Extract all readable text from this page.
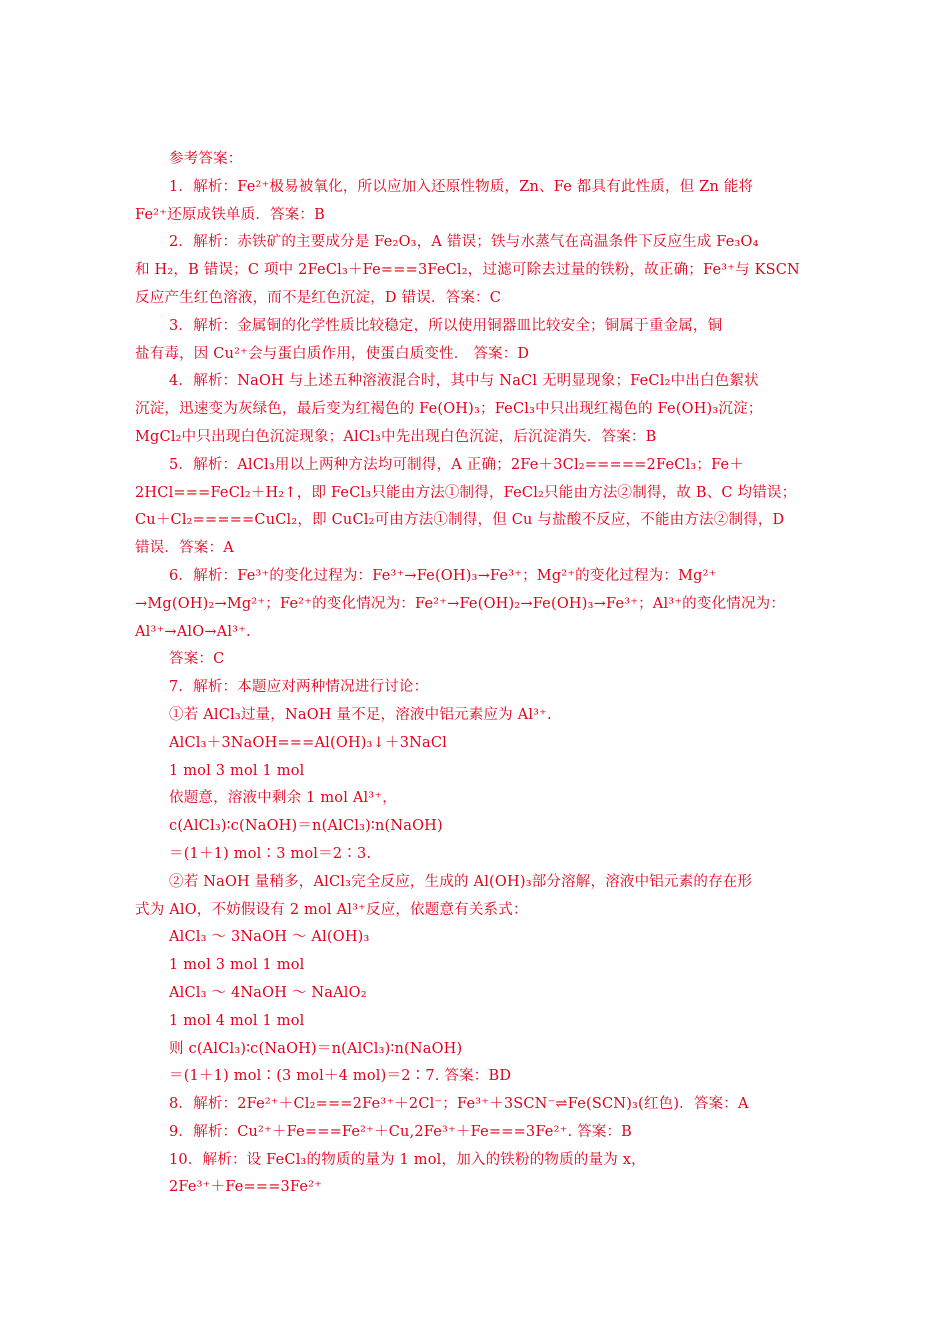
参考答案：
1．解析：Fe²⁺极易被氧化，所以应加入还原性物质，Zn、Fe 都具有此性质，但 Zn 能将
Fe²⁺还原成铁单质．答案：B
2．解析：赤铁矿的主要成分是 Fe₂O₃，A 错误；铁与水蒸气在高温条件下反应生成 Fe₃O₄
和 H₂，B 错误；C 项中 2FeCl₃＋Fe===3FeCl₂，过滤可除去过量的铁粉，故正确；Fe³⁺与 KSCN
反应产生红色溶液，而不是红色沉淀，D 错误．答案：C
3．解析：金属铜的化学性质比较稳定，所以使用铜器皿比较安全；铜属于重金属，铜
盐有毒，因 Cu²⁺会与蛋白质作用，使蛋白质变性． 答案：D
4．解析：NaOH 与上述五种溶液混合时，其中与 NaCl 无明显现象；FeCl₂中出白色絮状
沉淀，迅速变为灰绿色，最后变为红褐色的 Fe(OH)₃；FeCl₃中只出现红褐色的 Fe(OH)₃沉淀；
MgCl₂中只出现白色沉淀现象；AlCl₃中先出现白色沉淀，后沉淀消失．答案：B
5．解析：AlCl₃用以上两种方法均可制得，A 正确；2Fe＋3Cl₂=====2FeCl₃；Fe＋
2HCl===FeCl₂＋H₂↑，即 FeCl₃只能由方法①制得，FeCl₂只能由方法②制得，故 B、C 均错误；
Cu＋Cl₂=====CuCl₂，即 CuCl₂可由方法①制得，但 Cu 与盐酸不反应，不能由方法②制得，D
错误．答案：A
6．解析：Fe³⁺的变化过程为：Fe³⁺→Fe(OH)₃→Fe³⁺；Mg²⁺的变化过程为：Mg²⁺
→Mg(OH)₂→Mg²⁺；Fe²⁺的变化情况为：Fe²⁺→Fe(OH)₂→Fe(OH)₃→Fe³⁺；Al³⁺的变化情况为：
Al³⁺→AlO→Al³⁺.
答案：C
7．解析：本题应对两种情况进行讨论：
①若 AlCl₃过量，NaOH 量不足，溶液中铝元素应为 Al³⁺.
AlCl₃＋3NaOH===Al(OH)₃↓＋3NaCl
1 mol 3 mol 1 mol
依题意，溶液中剩余 1 mol Al³⁺，
c(AlCl₃)∶c(NaOH)＝n(AlCl₃)∶n(NaOH)
＝(1＋1) mol∶3 mol＝2∶3.
②若 NaOH 量稍多，AlCl₃完全反应，生成的 Al(OH)₃部分溶解，溶液中铝元素的存在形
式为 AlO，不妨假设有 2 mol Al³⁺反应，依题意有关系式：
AlCl₃ ～ 3NaOH ～ Al(OH)₃
1 mol 3 mol 1 mol
AlCl₃ ～ 4NaOH ～ NaAlO₂
1 mol 4 mol 1 mol
则 c(AlCl₃)∶c(NaOH)＝n(AlCl₃)∶n(NaOH)
＝(1＋1) mol∶(3 mol＋4 mol)＝2∶7. 答案：BD
8．解析：2Fe²⁺＋Cl₂===2Fe³⁺＋2Cl⁻；Fe³⁺＋3SCN⁻⇌Fe(SCN)₃(红色)．答案：A
9．解析：Cu²⁺＋Fe===Fe²⁺＋Cu,2Fe³⁺＋Fe===3Fe²⁺. 答案：B
10．解析：设 FeCl₃的物质的量为 1 mol，加入的铁粉的物质的量为 x，
2Fe³⁺＋Fe===3Fe²⁺
